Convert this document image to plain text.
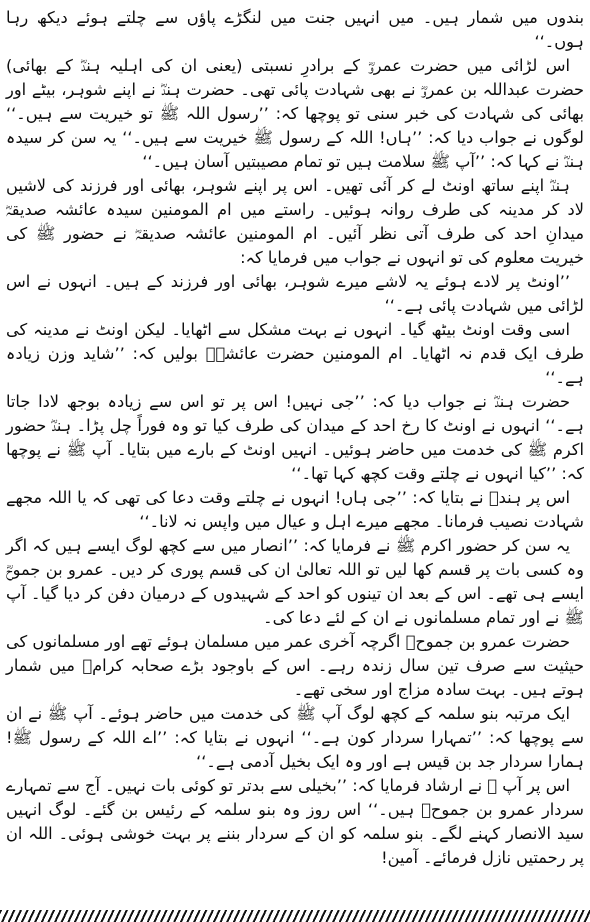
بندوں میں شمار ہیں۔ میں انہیں جنت میں لنگڑے پاؤں سے چلتے ہوئے دیکھ رہا ہوں۔‘‘

اس لڑائی میں حضرت عمروؓ کے برادرِ نسبتی (یعنی ان کی اہلیہ ہندؓ کے بھائی) حضرت عبداللہ بن عمروؓ نے بھی شہادت پائی تھی۔ حضرت ہندؓ نے اپنے شوہر، بیٹے اور بھائی کی شہادت کی خبر سنی تو پوچھا کہ: ’’رسول اللہ ﷺ تو خیریت سے ہیں۔‘‘ لوگوں نے جواب دیا کہ: ’’ہاں! اللہ کے رسول ﷺ خیریت سے ہیں۔‘‘ یہ سن کر سیدہ ہندؓ نے کہا کہ: ’’آپ ﷺ سلامت ہیں تو تمام مصیبتیں آسان ہیں۔‘‘

ہندؓ اپنے ساتھ اونٹ لے کر آئی تھیں۔ اس پر اپنے شوہر، بھائی اور فرزند کی لاشیں لاد کر مدینہ کی طرف روانہ ہوئیں۔ راستے میں ام المومنین سیدہ عائشہ صدیقہؓ میدانِ احد کی طرف آتی نظر آئیں۔ ام المومنین عائشہ صدیقہؓ نے حضور ﷺ کی خیریت معلوم کی تو انہوں نے جواب میں فرمایا کہ:

’’اونٹ پر لادے ہوئے یہ لاشے میرے شوہر، بھائی اور فرزند کے ہیں۔ انہوں نے اس لڑائی میں شہادت پائی ہے۔‘‘

اسی وقت اونٹ بیٹھ گیا۔ انہوں نے بہت مشکل سے اٹھایا۔ لیکن اونٹ نے مدینہ کی طرف ایک قدم نہ اٹھایا۔ ام المومنین حضرت عائشہؓ بولیں کہ: ’’شاید وزن زیادہ ہے۔‘‘

حضرت ہندؓ نے جواب دیا کہ: ’’جی نہیں! اس پر تو اس سے زیادہ بوجھ لادا جاتا ہے۔‘‘ انہوں نے اونٹ کا رخ احد کے میدان کی طرف کیا تو وہ فوراً چل پڑا۔ ہندؓ حضور اکرم ﷺ کی خدمت میں حاضر ہوئیں۔ انہیں اونٹ کے بارے میں بتایا۔ آپ ﷺ نے پوچھا کہ: ’’کیا انہوں نے چلتے وقت کچھ کہا تھا۔‘‘

اس پر ہندؓ نے بتایا کہ: ’’جی ہاں! انہوں نے چلتے وقت دعا کی تھی کہ یا اللہ مجھے شہادت نصیب فرمانا۔ مجھے میرے اہل و عیال میں واپس نہ لانا۔‘‘

یہ سن کر حضور اکرم ﷺ نے فرمایا کہ: ’’انصار میں سے کچھ لوگ ایسے ہیں کہ اگر وہ کسی بات پر قسم کھا لیں تو اللہ تعالیٰ ان کی قسم پوری کر دیں۔ عمرو بن جموحؓ ایسے ہی تھے۔ اس کے بعد ان تینوں کو احد کے شہیدوں کے درمیان دفن کر دیا گیا۔ آپ ﷺ نے اور تمام مسلمانوں نے ان کے لئے دعا کی۔

حضرت عمرو بن جموحؓ اگرچہ آخری عمر میں مسلمان ہوئے تھے اور مسلمانوں کی حیثیت سے صرف تین سال زندہ رہے۔ اس کے باوجود بڑے صحابہ کرامؓ میں شمار ہوتے ہیں۔ بہت سادہ مزاج اور سخی تھے۔

ایک مرتبہ بنو سلمہ کے کچھ لوگ آپ ﷺ کی خدمت میں حاضر ہوئے۔ آپ ﷺ نے ان سے پوچھا کہ: ’’تمہارا سردار کون ہے۔‘‘ انہوں نے بتایا کہ: ’’اے اللہ کے رسول ﷺ! ہمارا سردار جد بن قیس ہے اور وہ ایک بخیل آدمی ہے۔‘‘

اس پر آپ ﷺ نے ارشاد فرمایا کہ: ’’بخیلی سے بدتر تو کوئی بات نہیں۔ آج سے تمہارے سردار عمرو بن جموحؓ ہیں۔‘‘ اس روز وہ بنو سلمہ کے رئیس بن گئے۔ لوگ انہیں سید الانصار کہنے لگے۔ بنو سلمہ کو ان کے سردار بننے پر بہت خوشی ہوئی۔ اللہ ان پر رحمتیں نازل فرمائے۔ آمین!
